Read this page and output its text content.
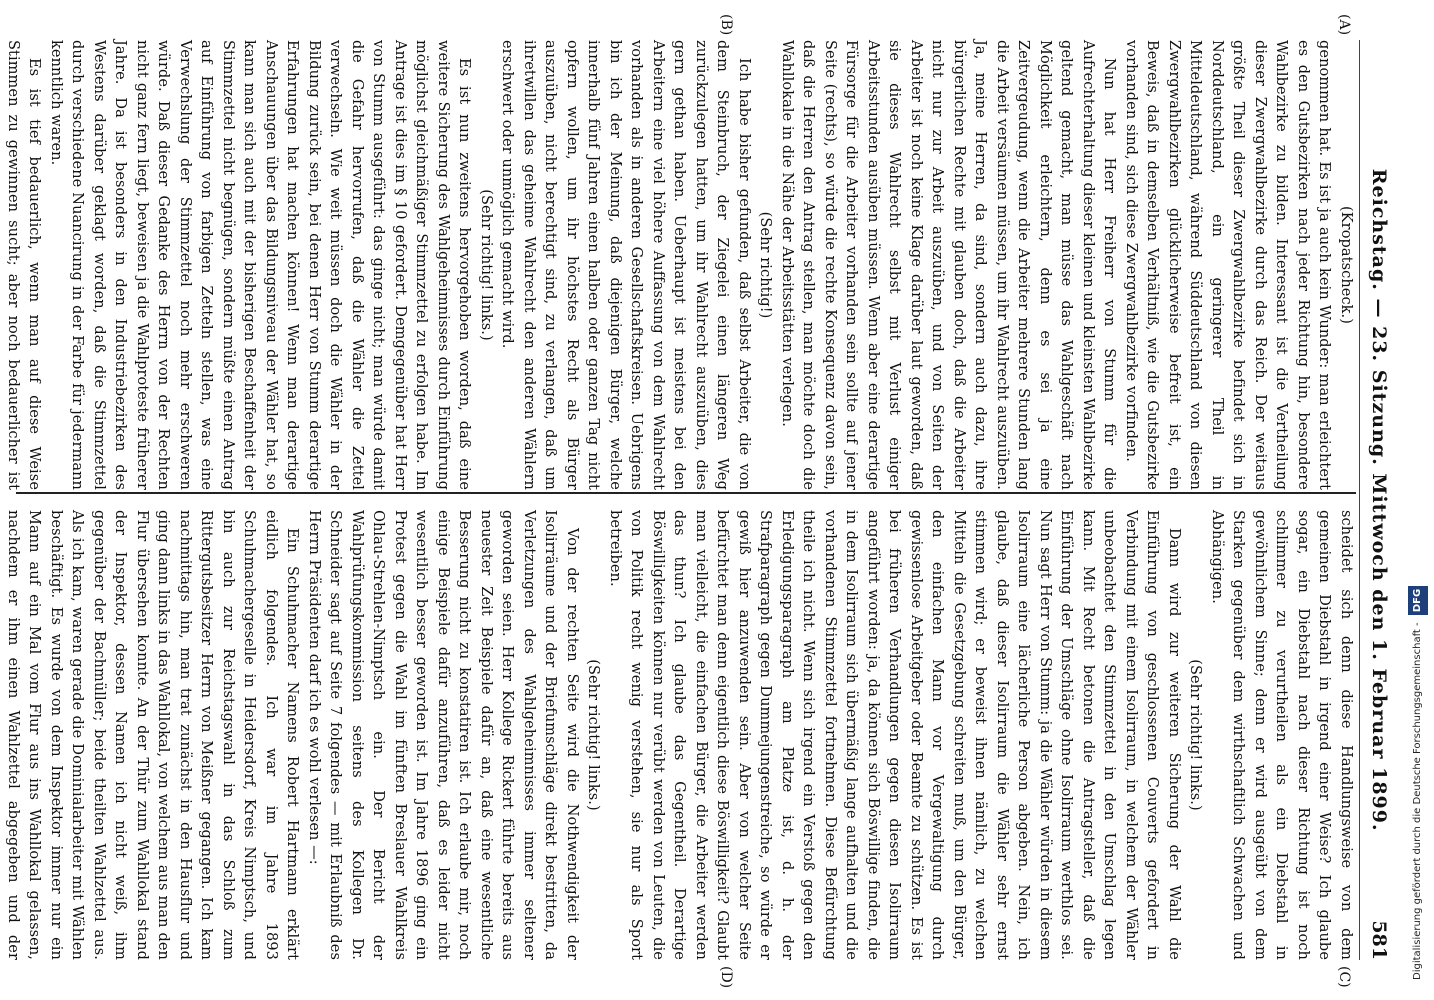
Reichstag. — 23. Sitzung. Mittwoch den 1. Februar 1899.
581
(A)
(B)
(C)
(D)

(Kropatscheck.)

genommen hat. Es ist ja auch kein Wunder: man erleichtert es den Gutsbezirken nach jeder Richtung hin, besondere Wahlbezirke zu bilden. Interessant ist die Vertheilung dieser Zwergwahlbezirke durch das Reich. Der weitaus größte Theil dieser Zwergwahlbezirke befindet sich in Norddeutschland, ein geringerer Theil in Mitteldeutschland, während Süddeutschland von diesen Zwergwahlbezirken glücklicherweise befreit ist, ein Beweis, daß in demselben Verhältniß, wie die Gutsbezirke vorhanden sind, sich diese Zwergwahlbezirke vorfinden.

Nun hat Herr Freiherr von Stumm für die Aufrechterhaltung dieser kleinen und kleinsten Wahlbezirke geltend gemacht, man müsse das Wahlgeschäft nach Möglichkeit erleichtern, denn es sei ja eine Zeitvergeudung, wenn die Arbeiter mehrere Stunden lang die Arbeit versäumen müssen, um ihr Wahlrecht auszuüben. Ja, meine Herren, da sind, sondern auch dazu, ihre bürgerlichen Rechte mit glauben doch, daß die Arbeiter nicht nur zur Arbeit auszuüben, und von Seiten der Arbeiter ist noch keine Klage darüber laut geworden, daß sie dieses Wahlrecht selbst mit Verlust einiger Arbeitsstunden ausüben müssen. Wenn aber eine derartige Fürsorge für die Arbeiter vorhanden sein sollte auf jener Seite (rechts), so würde die rechte Konsequenz davon sein, daß die Herren den Antrag stellen, man möchte doch die Wahllokale in die Nähe der Arbeitsstätten verlegen.

(Sehr richtig!)

Ich habe bisher gefunden, daß selbst Arbeiter, die von dem Steinbruch, der Ziegelei einen längeren Weg zurückzulegen hatten, um ihr Wahlrecht auszuüben, dies gern gethan haben. Ueberhaupt ist meistens bei den Arbeitern eine viel höhere Auffassung von dem Wahlrecht vorhanden als in anderen Gesellschaftskreisen. Uebrigens bin ich der Meinung, daß diejenigen Bürger, welche innerhalb fünf Jahren einen halben oder ganzen Tag nicht opfern wollen, um ihr höchstes Recht als Bürger auszuüben, nicht berechtigt sind, zu verlangen, daß um ihretwillen das geheime Wahlrecht den anderen Wählern erschwert oder unmöglich gemacht wird.

(Sehr richtig! links.)

Es ist nun zweitens hervorgehoben worden, daß eine weitere Sicherung des Wahlgeheimnisses durch Einführung möglichst gleichmäßiger Stimmzettel zu erfolgen habe. Im Antrage ist dies im § 10 gefordert. Demgegenüber hat Herr von Stumm ausgeführt: das ginge nicht; man würde damit die Gefahr hervorrufen, daß die Wähler die Zettel verwechseln. Wie weit müssen doch die Wähler in der Bildung zurück sein, bei denen Herr von Stumm derartige Erfahrungen hat machen können! Wenn man derartige Anschauungen über das Bildungsniveau der Wähler hat, so kann man sich auch mit der bisherigen Beschaffenheit der Stimmzettel nicht begnügen, sondern müßte einen Antrag auf Einführung von farbigen Zetteln stellen, was eine Verwechslung der Stimmzettel noch mehr erschweren würde. Daß dieser Gedanke des Herrn von der Rechten nicht ganz fern liegt, beweisen ja die Wahlproteste früherer Jahre. Da ist besonders in den Industriebezirken des Westens darüber geklagt worden, daß die Stimmzettel durch verschiedene Nuancirung in der Farbe für jedermann kenntlich waren.

Es ist tief bedauerlich, wenn man auf diese Weise Stimmen zu gewinnen sucht; aber noch bedauerlicher ist

scheidet sich denn diese Handlungsweise von dem gemeinen Diebstahl in irgend einer Weise? Ich glaube sogar, ein Diebstahl nach dieser Richtung ist noch schlimmer zu verurtheilen als ein Diebstahl in gewöhnlichem Sinne; denn er wird ausgeübt von dem Starken gegenüber dem wirthschaftlich Schwachen und Abhängigen.

(Sehr richtig! links.)

Dann wird zur weiteren Sicherung der Wahl die Einführung von geschlossenen Couverts gefordert in Verbindung mit einem Isolirraum, in welchem der Wähler unbeobachtet den Stimmzettel in den Umschlag legen kann. Mit Recht betonen die Antragsteller, daß die Einführung der Umschläge ohne Isolirraum werthlos sei. Nun sagt Herr von Stumm: ja die Wähler würden in diesem Isolirraum eine lächerliche Person abgeben. Nein, ich glaube, daß dieser Isolirraum die Wähler sehr ernst stimmen wird; er beweist ihnen nämlich, zu welchen Mitteln die Gesetzgebung schreiten muß, um den Bürger, den einfachen Mann vor Vergewaltigung durch gewissenlose Arbeitgeber oder Beamte zu schützen. Es ist bei früheren Verhandlungen gegen diesen Isolirraum angeführt worden: ja, da können sich Böswillige finden, die in dem Isolirraum sich übermäßig lange aufhalten und die vorhandenen Stimmzettel fortnehmen. Diese Befürchtung theile ich nicht. Wenn sich irgend ein Verstoß gegen den Erledigungsparagraph am Platze ist, d. h. der Strafparagraph gegen Dummejungenstreiche, so würde er gewiß hier anzuwenden sein. Aber von welcher Seite befürchtet man denn eigentlich diese Böswilligkeit? Glaubt man vielleicht, die einfachen Bürger, die Arbeiter werden das thun? Ich glaube das Gegentheil. Derartige Böswilligkeiten können nur verübt werden von Leuten, die von Politik recht wenig verstehen, sie nur als Sport betreiben.

(Sehr richtig! links.)

Von der rechten Seite wird die Nothwendigkeit der Isolirräume und der Briefumschläge direkt bestritten, da Verletzungen des Wahlgeheimnisses immer seltener geworden seien. Herr Kollege Rickert führte bereits aus neuester Zeit Beispiele dafür an, daß eine wesentliche Besserung nicht zu konstatiren ist. Ich erlaube mir, noch einige Beispiele dafür anzuführen, daß es leider nicht wesentlich besser geworden ist. Im Jahre 1896 ging ein Protest gegen die Wahl im fünften Breslauer Wahlkreis Ohlau-Strehlen-Nimptsch ein. Der Bericht der Wahlprüfungskommission seitens des Kollegen Dr. Schneider sagt auf Seite 7 folgendes — mit Erlaubniß des Herrn Präsidenten darf ich es wohl verlesen —:

Ein Schuhmacher Namens Robert Hartmann erklärt eidlich folgendes. Ich war im Jahre 1893 Schuhmachergeselle in Heidersdorf, Kreis Nimptsch, und bin auch zur Reichstagswahl in das Schloß zum Rittergutsbesitzer Herrn von Meißner gegangen. Ich kam nachmittags hin, man trat zunächst in den Hausflur und ging dann links in das Wahllokal, von welchem aus man den Flur übersehen konnte. An der Thür zum Wahllokal stand der Inspektor, dessen Namen ich nicht weiß, ihm gegenüber der Bachmüller; beide theilten Wahlzettel aus. Als ich kam, waren gerade die Dominialarbeiter mit Wählen beschäftigt. Es wurde von dem Inspektor immer nur ein Mann auf ein Mal vom Flur aus ins Wahllokal gelassen, nachdem er ihm einen Wahlzettel abgegeben und der	Digitalisierung gefördert durch die Deutsche Forschungsgemeinschaft - DFG
